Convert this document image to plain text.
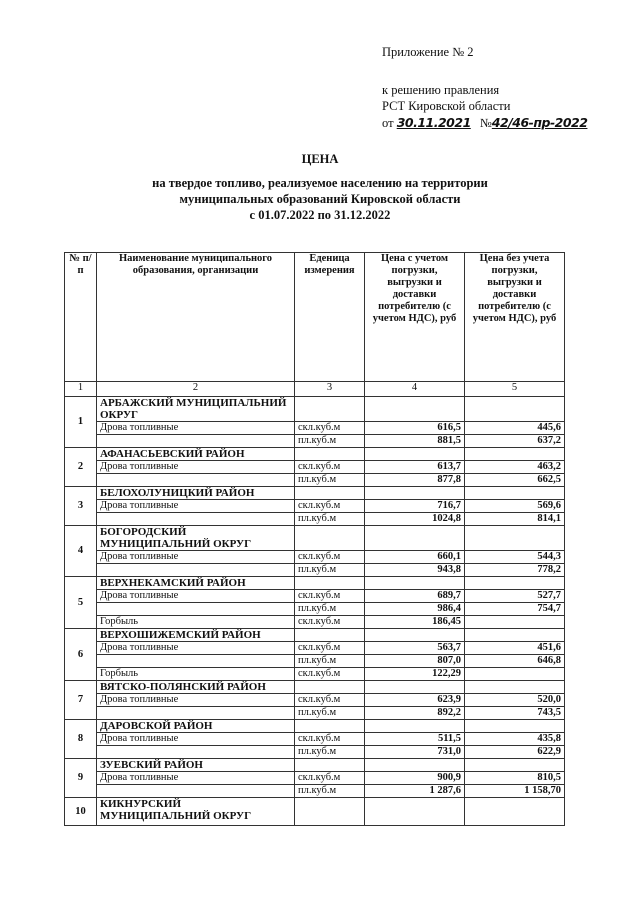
Приложение № 2
к решению правления
РСТ Кировской области
от 30.11.2021 №42/46-пр-2022
ЦЕНА
на твердое топливо, реализуемое населению на территории
муниципальных образований Кировской области
с 01.07.2022 по 31.12.2022
№ п/п	Наименование муниципального образования, организации	Еденица измерения	Цена с учетом погрузки, выгрузки и доставки потребителю (с учетом НДС), руб	Цена без учета погрузки, выгрузки и доставки потребителю (с учетом НДС), руб
1	2	3	4	5
1	АРБАЖСКИЙ МУНИЦИПАЛЬНИЙ ОКРУГ			
	Дрова топливные	скл.куб.м	616,5	445,6
		пл.куб.м	881,5	637,2
2	АФАНАСЬЕВСКИЙ РАЙОН			
	Дрова топливные	скл.куб.м	613,7	463,2
		пл.куб.м	877,8	662,5
3	БЕЛОХОЛУНИЦКИЙ РАЙОН			
	Дрова топливные	скл.куб.м	716,7	569,6
		пл.куб.м	1024,8	814,1
4	БОГОРОДСКИЙ МУНИЦИПАЛЬНИЙ ОКРУГ			
	Дрова топливные	скл.куб.м	660,1	544,3
		пл.куб.м	943,8	778,2
5	ВЕРХНЕКАМСКИЙ РАЙОН			
	Дрова топливные	скл.куб.м	689,7	527,7
		пл.куб.м	986,4	754,7
	Горбыль	скл.куб.м	186,45	
6	ВЕРХОШИЖЕМСКИЙ РАЙОН			
	Дрова топливные	скл.куб.м	563,7	451,6
		пл.куб.м	807,0	646,8
	Горбыль	скл.куб.м	122,29	
7	ВЯТСКО-ПОЛЯНСКИЙ РАЙОН			
	Дрова топливные	скл.куб.м	623,9	520,0
		пл.куб.м	892,2	743,5
8	ДАРОВСКОЙ РАЙОН			
	Дрова топливные	скл.куб.м	511,5	435,8
		пл.куб.м	731,0	622,9
9	ЗУЕВСКИЙ РАЙОН			
	Дрова топливные	скл.куб.м	900,9	810,5
		пл.куб.м	1 287,6	1 158,70
10	КИКНУРСКИЙ МУНИЦИПАЛЬНИЙ ОКРУГ			
